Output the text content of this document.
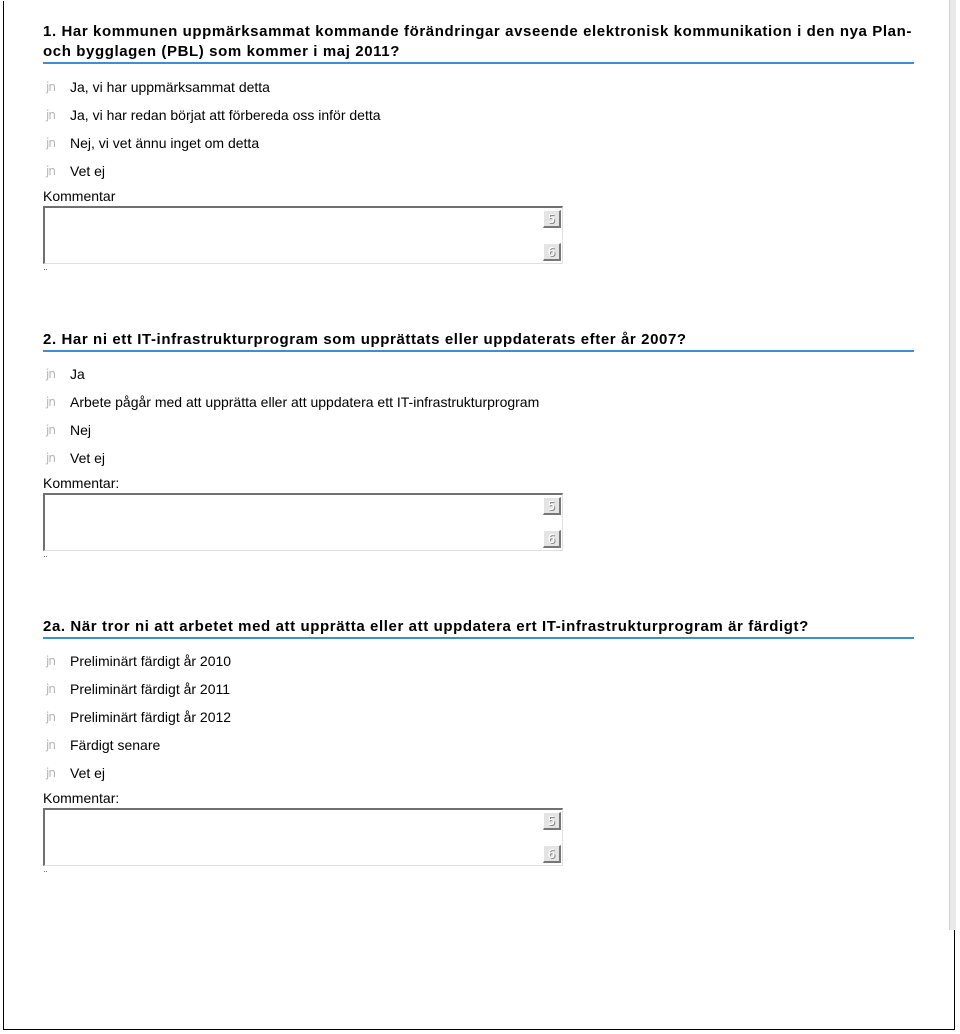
1. Har kommunen uppmärksammat kommande förändringar avseende elektronisk kommunikation i den nya Plan- och bygglagen (PBL) som kommer i maj 2011?
jn	Ja, vi har uppmärksammat detta
jn	Ja, vi har redan börjat att förbereda oss inför detta
jn	Nej, vi vet ännu inget om detta
jn	Vet ej
Kommentar
5
6
¨
2. Har ni ett IT-infrastrukturprogram som upprättats eller uppdaterats efter år 2007?
jn	Ja
jn	Arbete pågår med att upprätta eller att uppdatera ett IT-infrastrukturprogram
jn	Nej
jn	Vet ej
Kommentar:
5
6
¨
2a. När tror ni att arbetet med att upprätta eller att uppdatera ert IT-infrastrukturprogram är färdigt?
jn	Preliminärt färdigt år 2010
jn	Preliminärt färdigt år 2011
jn	Preliminärt färdigt år 2012
jn	Färdigt senare
jn	Vet ej
Kommentar:
5
6
¨
